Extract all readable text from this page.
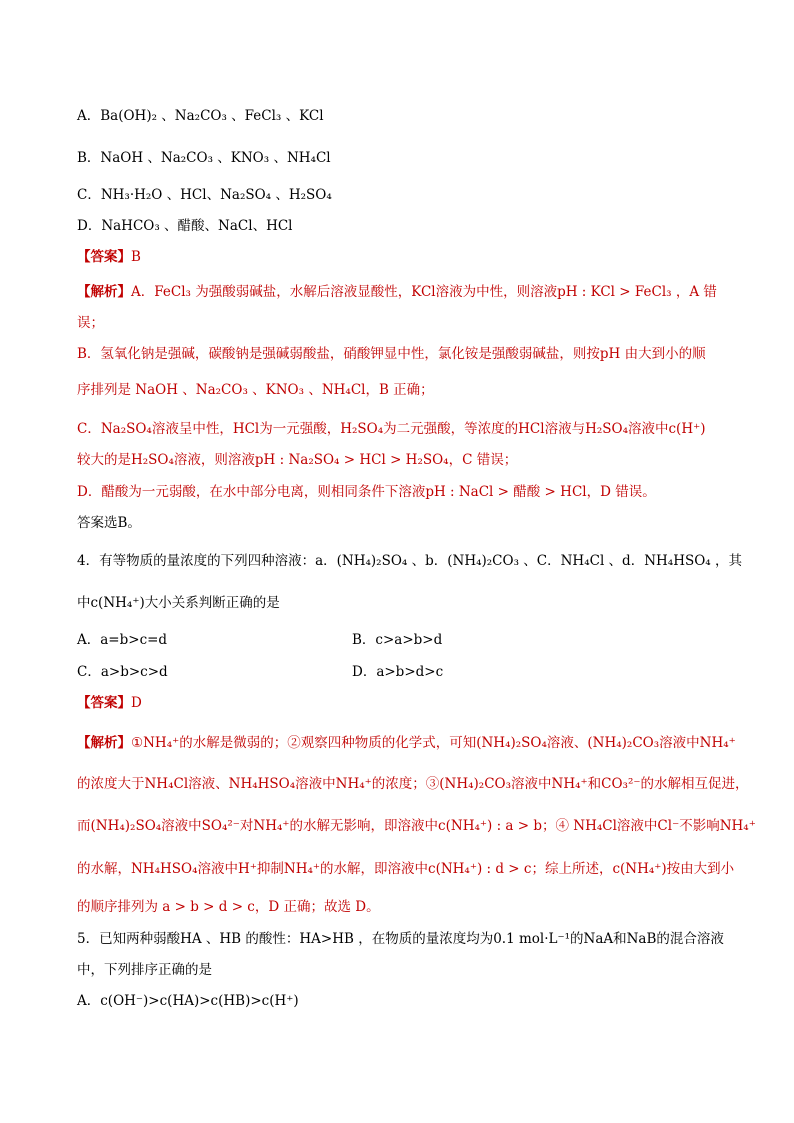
A．Ba(OH)₂ 、Na₂CO₃ 、FeCl₃ 、KCl
B．NaOH 、Na₂CO₃ 、KNO₃ 、NH₄Cl
C．NH₃·H₂O 、HCl、Na₂SO₄ 、H₂SO₄
D．NaHCO₃ 、醋酸、NaCl、HCl
【答案】B
【解析】A．FeCl₃ 为强酸弱碱盐，水解后溶液显酸性，KCl溶液为中性，则溶液pH : KCl > FeCl₃ ，A 错
误；
B．氢氧化钠是强碱，碳酸钠是强碱弱酸盐，硝酸钾显中性，氯化铵是强酸弱碱盐，则按pH 由大到小的顺
序排列是 NaOH 、Na₂CO₃ 、KNO₃ 、NH₄Cl，B 正确；
C．Na₂SO₄溶液呈中性，HCl为一元强酸，H₂SO₄为二元强酸，等浓度的HCl溶液与H₂SO₄溶液中c(H⁺)
较大的是H₂SO₄溶液，则溶液pH : Na₂SO₄ > HCl > H₂SO₄，C 错误；
D．醋酸为一元弱酸，在水中部分电离，则相同条件下溶液pH : NaCl > 醋酸 > HCl，D 错误。
答案选B。
4．有等物质的量浓度的下列四种溶液：a．(NH₄)₂SO₄ 、b．(NH₄)₂CO₃ 、C．NH₄Cl 、d．NH₄HSO₄ ，其
中c(NH₄⁺)大小关系判断正确的是
A．a=b>c=d	B．c>a>b>d
C．a>b>c>d	D．a>b>d>c
【答案】D
【解析】①NH₄⁺的水解是微弱的；②观察四种物质的化学式，可知(NH₄)₂SO₄溶液、(NH₄)₂CO₃溶液中NH₄⁺
的浓度大于NH₄Cl溶液、NH₄HSO₄溶液中NH₄⁺的浓度；③(NH₄)₂CO₃溶液中NH₄⁺和CO₃²⁻的水解相互促进，
而(NH₄)₂SO₄溶液中SO₄²⁻对NH₄⁺的水解无影响，即溶液中c(NH₄⁺) : a > b；④ NH₄Cl溶液中Cl⁻不影响NH₄⁺
的水解，NH₄HSO₄溶液中H⁺抑制NH₄⁺的水解，即溶液中c(NH₄⁺) : d > c；综上所述，c(NH₄⁺)按由大到小
的顺序排列为 a > b > d > c，D 正确；故选 D。
5．已知两种弱酸HA 、HB 的酸性：HA>HB ，在物质的量浓度均为0.1 mol·L⁻¹的NaA和NaB的混合溶液
中，下列排序正确的是
A．c(OH⁻)>c(HA)>c(HB)>c(H⁺)
